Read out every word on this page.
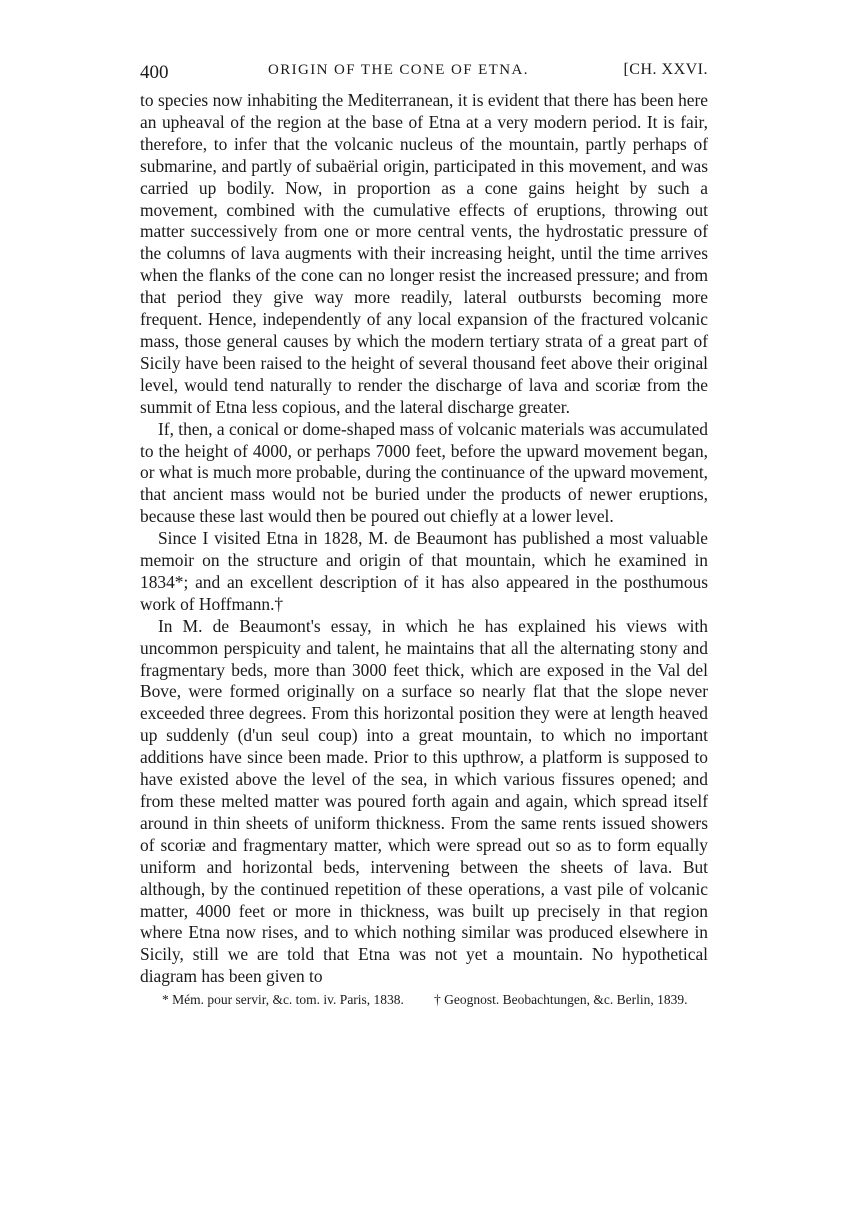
400	ORIGIN OF THE CONE OF ETNA.	[CH. XXVI.

to species now inhabiting the Mediterranean, it is evident that there has been here an upheaval of the region at the base of Etna at a very modern period. It is fair, therefore, to infer that the volcanic nucleus of the mountain, partly perhaps of submarine, and partly of subaërial origin, participated in this movement, and was carried up bodily. Now, in proportion as a cone gains height by such a movement, combined with the cumulative effects of eruptions, throwing out matter successively from one or more central vents, the hydrostatic pressure of the columns of lava augments with their increasing height, until the time arrives when the flanks of the cone can no longer resist the increased pressure; and from that period they give way more readily, lateral outbursts becoming more frequent. Hence, independently of any local expansion of the fractured volcanic mass, those general causes by which the modern tertiary strata of a great part of Sicily have been raised to the height of several thousand feet above their original level, would tend naturally to render the discharge of lava and scoriæ from the summit of Etna less copious, and the lateral discharge greater.

If, then, a conical or dome-shaped mass of volcanic materials was accumulated to the height of 4000, or perhaps 7000 feet, before the upward movement began, or what is much more probable, during the continuance of the upward movement, that ancient mass would not be buried under the products of newer eruptions, because these last would then be poured out chiefly at a lower level.

Since I visited Etna in 1828, M. de Beaumont has published a most valuable memoir on the structure and origin of that mountain, which he examined in 1834*; and an excellent description of it has also appeared in the posthumous work of Hoffmann.†

In M. de Beaumont's essay, in which he has explained his views with uncommon perspicuity and talent, he maintains that all the alternating stony and fragmentary beds, more than 3000 feet thick, which are exposed in the Val del Bove, were formed originally on a surface so nearly flat that the slope never exceeded three degrees. From this horizontal position they were at length heaved up suddenly (d'un seul coup) into a great mountain, to which no important additions have since been made. Prior to this upthrow, a platform is supposed to have existed above the level of the sea, in which various fissures opened; and from these melted matter was poured forth again and again, which spread itself around in thin sheets of uniform thickness. From the same rents issued showers of scoriæ and fragmentary matter, which were spread out so as to form equally uniform and horizontal beds, intervening between the sheets of lava. But although, by the continued repetition of these operations, a vast pile of volcanic matter, 4000 feet or more in thickness, was built up precisely in that region where Etna now rises, and to which nothing similar was produced elsewhere in Sicily, still we are told that Etna was not yet a mountain. No hypothetical diagram has been given to

* Mém. pour servir, &c. tom. iv. Paris, 1838.	† Geognost. Beobachtungen, &c. Berlin, 1839.
